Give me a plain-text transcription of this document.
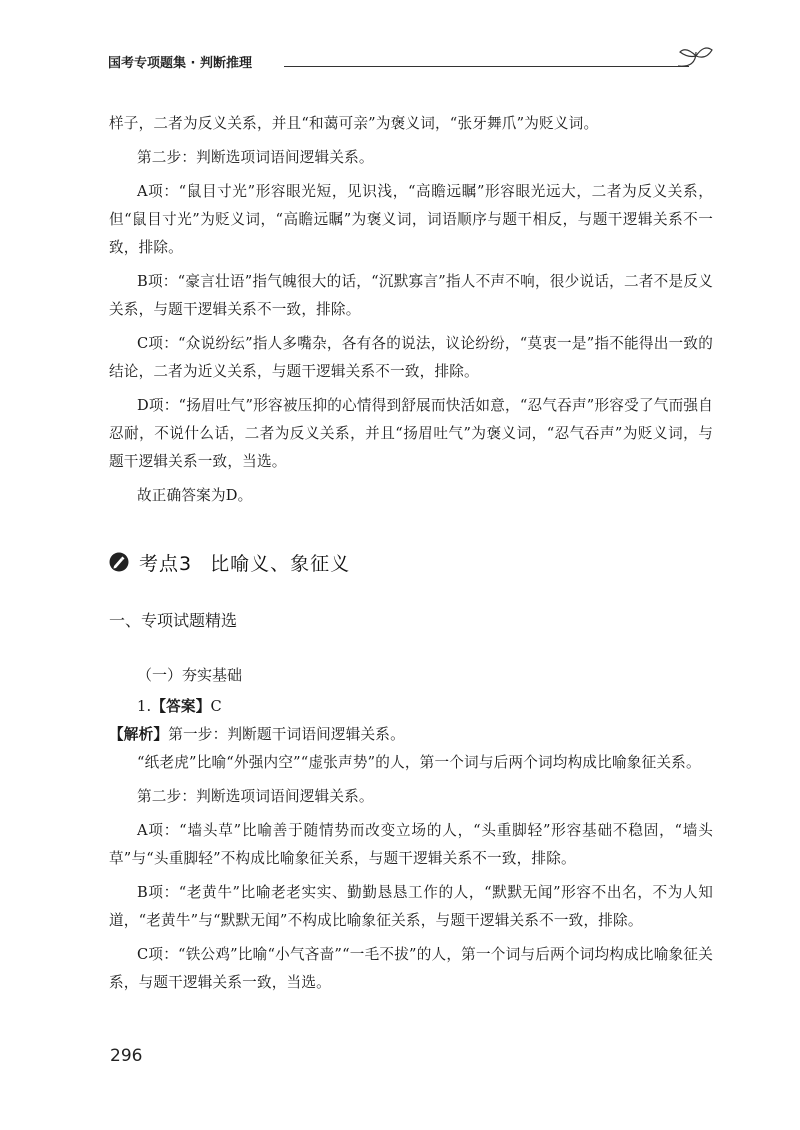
国考专项题集 · 判断推理

样子，二者为反义关系，并且“和蔼可亲”为褒义词，“张牙舞爪”为贬义词。

第二步：判断选项词语间逻辑关系。

A项：“鼠目寸光”形容眼光短，见识浅，“高瞻远瞩”形容眼光远大，二者为反义关系，但“鼠目寸光”为贬义词，“高瞻远瞩”为褒义词，词语顺序与题干相反，与题干逻辑关系不一致，排除。

B项：“豪言壮语”指气魄很大的话，“沉默寡言”指人不声不响，很少说话，二者不是反义关系，与题干逻辑关系不一致，排除。

C项：“众说纷纭”指人多嘴杂，各有各的说法，议论纷纷，“莫衷一是”指不能得出一致的结论，二者为近义关系，与题干逻辑关系不一致，排除。

D项：“扬眉吐气”形容被压抑的心情得到舒展而快活如意，“忍气吞声”形容受了气而强自忍耐，不说什么话，二者为反义关系，并且“扬眉吐气”为褒义词，“忍气吞声”为贬义词，与题干逻辑关系一致，当选。

故正确答案为D。

考点3 比喻义、象征义
一、专项试题精选
（一）夯实基础

1.【答案】C

【解析】第一步：判断题干词语间逻辑关系。

“纸老虎”比喻“外强内空”“虚张声势”的人，第一个词与后两个词均构成比喻象征关系。

第二步：判断选项词语间逻辑关系。

A项：“墙头草”比喻善于随情势而改变立场的人，“头重脚轻”形容基础不稳固，“墙头草”与“头重脚轻”不构成比喻象征关系，与题干逻辑关系不一致，排除。

B项：“老黄牛”比喻老老实实、勤勤恳恳工作的人，“默默无闻”形容不出名，不为人知道，“老黄牛”与“默默无闻”不构成比喻象征关系，与题干逻辑关系不一致，排除。

C项：“铁公鸡”比喻“小气吝啬”“一毛不拔”的人，第一个词与后两个词均构成比喻象征关系，与题干逻辑关系一致，当选。

296
